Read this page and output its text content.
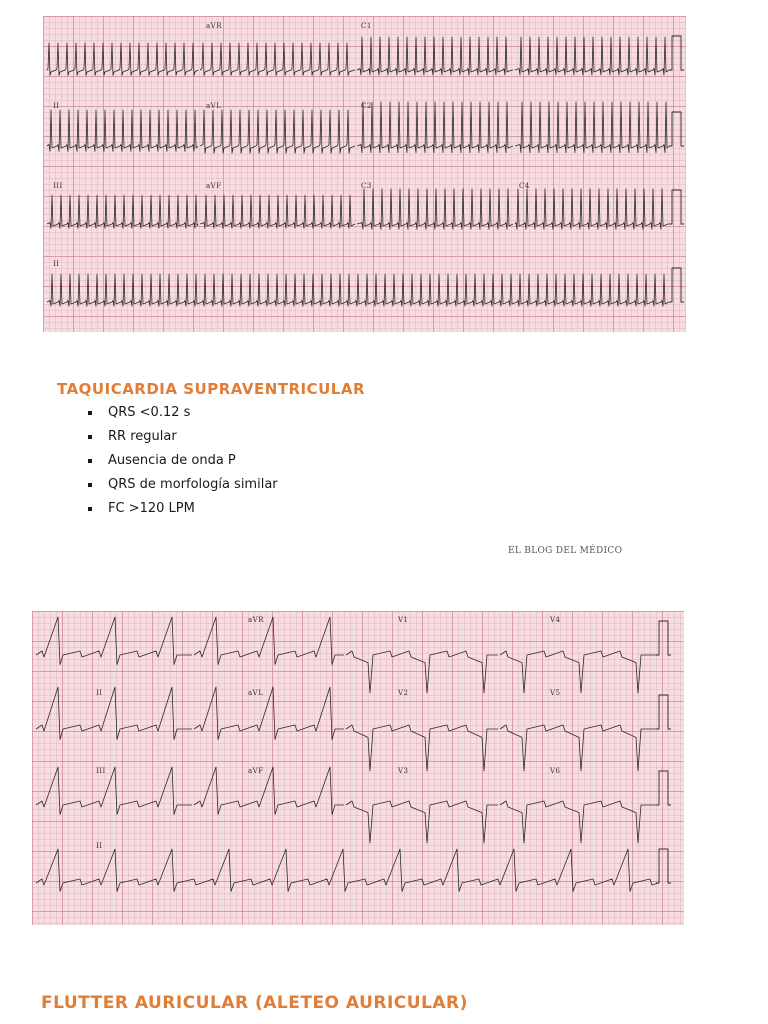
aVR	C1
II	aVL	C2
III	aVF	C3	C4
II
TAQUICARDIA SUPRAVENTRICULAR
QRS <0.12 s
RR regular
Ausencia de onda P
QRS de morfología similar
FC >120 LPM
EL BLOG DEL MÉDICO
aVR	V1	V4
II	aVL	V2	V5
III	aVF	V3	V6
II
FLUTTER AURICULAR (ALETEO AURICULAR)
